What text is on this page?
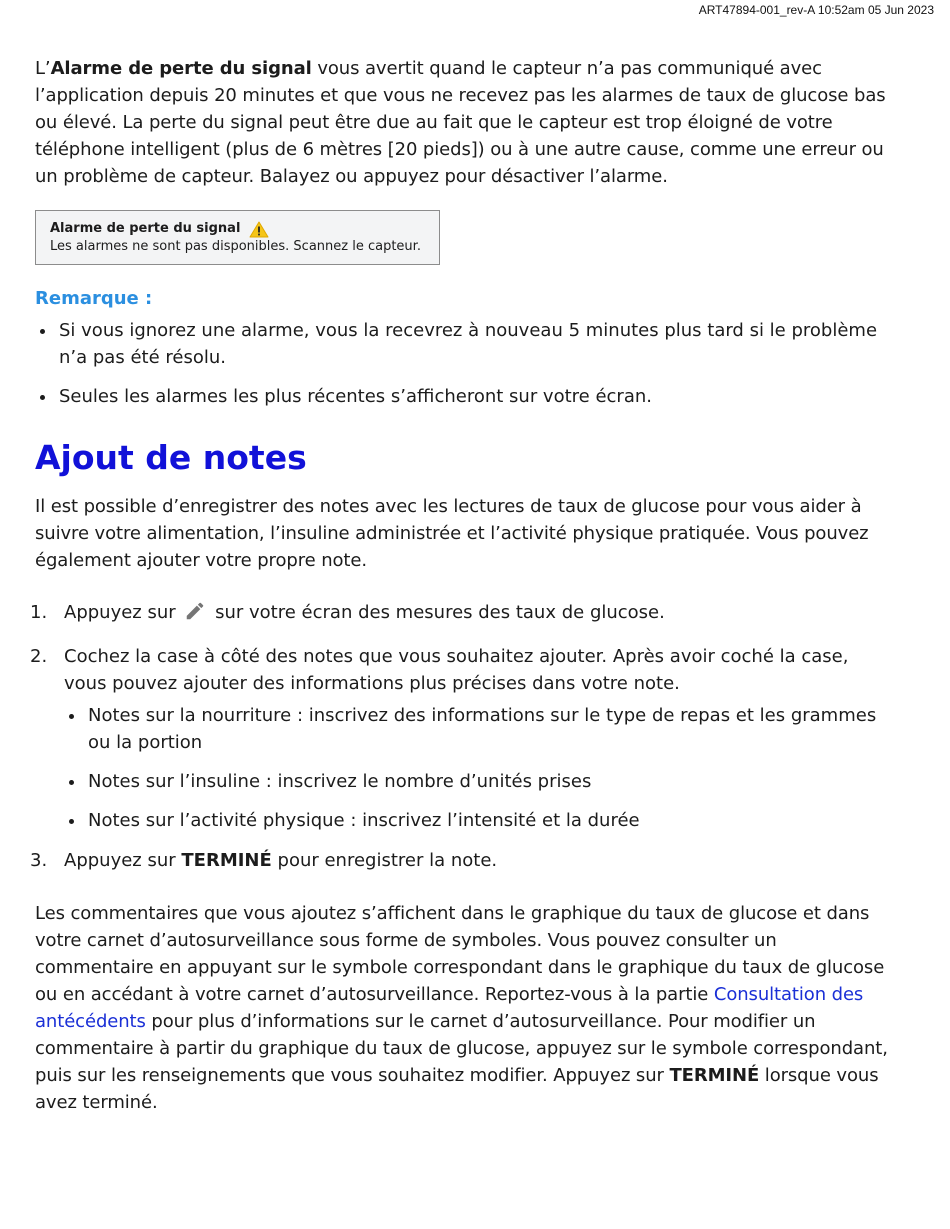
ART47894-001_rev-A 10:52am 05 Jun 2023

L’Alarme de perte du signal vous avertit quand le capteur n’a pas communiqué avec l’application depuis 20 minutes et que vous ne recevez pas les alarmes de taux de glucose bas ou élevé. La perte du signal peut être due au fait que le capteur est trop éloigné de votre téléphone intelligent (plus de 6 mètres [20 pieds]) ou à une autre cause, comme une erreur ou un problème de capteur. Balayez ou appuyez pour désactiver l’alarme.

Alarme de perte du signal
Les alarmes ne sont pas disponibles. Scannez le capteur.
Remarque :
Si vous ignorez une alarme, vous la recevrez à nouveau 5 minutes plus tard si le problème n’a pas été résolu.
Seules les alarmes les plus récentes s’afficheront sur votre écran.
Ajout de notes

Il est possible d’enregistrer des notes avec les lectures de taux de glucose pour vous aider à suivre votre alimentation, l’insuline administrée et l’activité physique pratiquée. Vous pouvez également ajouter votre propre note.

1. Appuyez sur  sur votre écran des mesures des taux de glucose.
2. Cochez la case à côté des notes que vous souhaitez ajouter. Après avoir coché la case, vous pouvez ajouter des informations plus précises dans votre note.
Notes sur la nourriture : inscrivez des informations sur le type de repas et les grammes ou la portion
Notes sur l’insuline : inscrivez le nombre d’unités prises
Notes sur l’activité physique : inscrivez l’intensité et la durée
3. Appuyez sur TERMINÉ pour enregistrer la note.

Les commentaires que vous ajoutez s’affichent dans le graphique du taux de glucose et dans votre carnet d’autosurveillance sous forme de symboles. Vous pouvez consulter un commentaire en appuyant sur le symbole correspondant dans le graphique du taux de glucose ou en accédant à votre carnet d’autosurveillance. Reportez-vous à la partie Consultation des antécédents pour plus d’informations sur le carnet d’autosurveillance. Pour modifier un commentaire à partir du graphique du taux de glucose, appuyez sur le symbole correspondant, puis sur les renseignements que vous souhaitez modifier. Appuyez sur TERMINÉ lorsque vous avez terminé.
